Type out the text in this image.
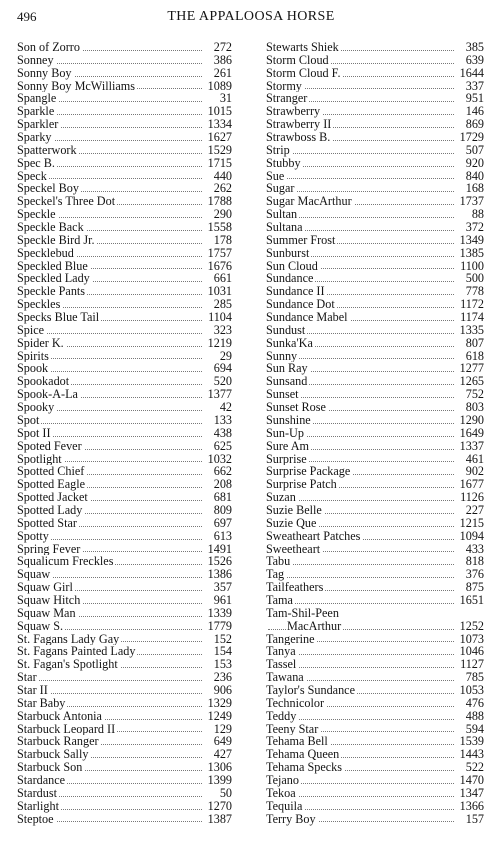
496	THE APPALOOSA HORSE
Son of Zorro	272
Sonney	386
Sonny Boy	261
Sonny Boy McWilliams	1089
Spangle	31
Sparkle	1015
Sparkler	1334
Sparky	1627
Spatterwork	1529
Spec B.	1715
Speck	440
Speckel Boy	262
Speckel's Three Dot	1788
Speckle	290
Speckle Back	1558
Speckle Bird Jr.	178
Specklebud	1757
Speckled Blue	1676
Speckled Lady	661
Speckle Pants	1031
Speckles	285
Specks Blue Tail	1104
Spice	323
Spider K.	1219
Spirits	29
Spook	694
Spookadot	520
Spook-A-La	1377
Spooky	42
Spot	133
Spot II	438
Spoted Fever	625
Spotlight	1032
Spotted Chief	662
Spotted Eagle	208
Spotted Jacket	681
Spotted Lady	809
Spotted Star	697
Spotty	613
Spring Fever	1491
Squalicum Freckles	1526
Squaw	1386
Squaw Girl	357
Squaw Hitch	961
Squaw Man	1339
Squaw S.	1779
St. Fagans Lady Gay	152
St. Fagans Painted Lady	154
St. Fagan's Spotlight	153
Star	236
Star II	906
Star Baby	1329
Starbuck Antonia	1249
Starbuck Leopard II	129
Starbuck Ranger	649
Starbuck Sally	427
Starbuck Son	1306
Stardance	1399
Stardust	50
Starlight	1270
Steptoe	1387
Stewarts Shiek	385
Storm Cloud	639
Storm Cloud F.	1644
Stormy	337
Stranger	951
Strawberry	146
Strawberry II	869
Strawboss B.	1729
Strip	507
Stubby	920
Sue	840
Sugar	168
Sugar MacArthur	1737
Sultan	88
Sultana	372
Summer Frost	1349
Sunburst	1385
Sun Cloud	1100
Sundance	500
Sundance II	778
Sundance Dot	1172
Sundance Mabel	1174
Sundust	1335
Sunka'Ka	807
Sunny	618
Sun Ray	1277
Sunsand	1265
Sunset	752
Sunset Rose	803
Sunshine	1290
Sun-Up	1649
Sure Am	1337
Surprise	461
Surprise Package	902
Surprise Patch	1677
Suzan	1126
Suzie Belle	227
Suzie Que	1215
Sweatheart Patches	1094
Sweetheart	433
Tabu	818
Tag	376
Tailfeathers	875
Tama	1651
Tam-Shil-Peen
MacArthur	1252
Tangerine	1073
Tanya	1046
Tassel	1127
Tawana	785
Taylor's Sundance	1053
Technicolor	476
Teddy	488
Teeny Star	594
Tehama Bell	1539
Tehama Queen	1443
Tehama Specks	522
Tejano	1470
Tekoa	1347
Tequila	1366
Terry Boy	157
